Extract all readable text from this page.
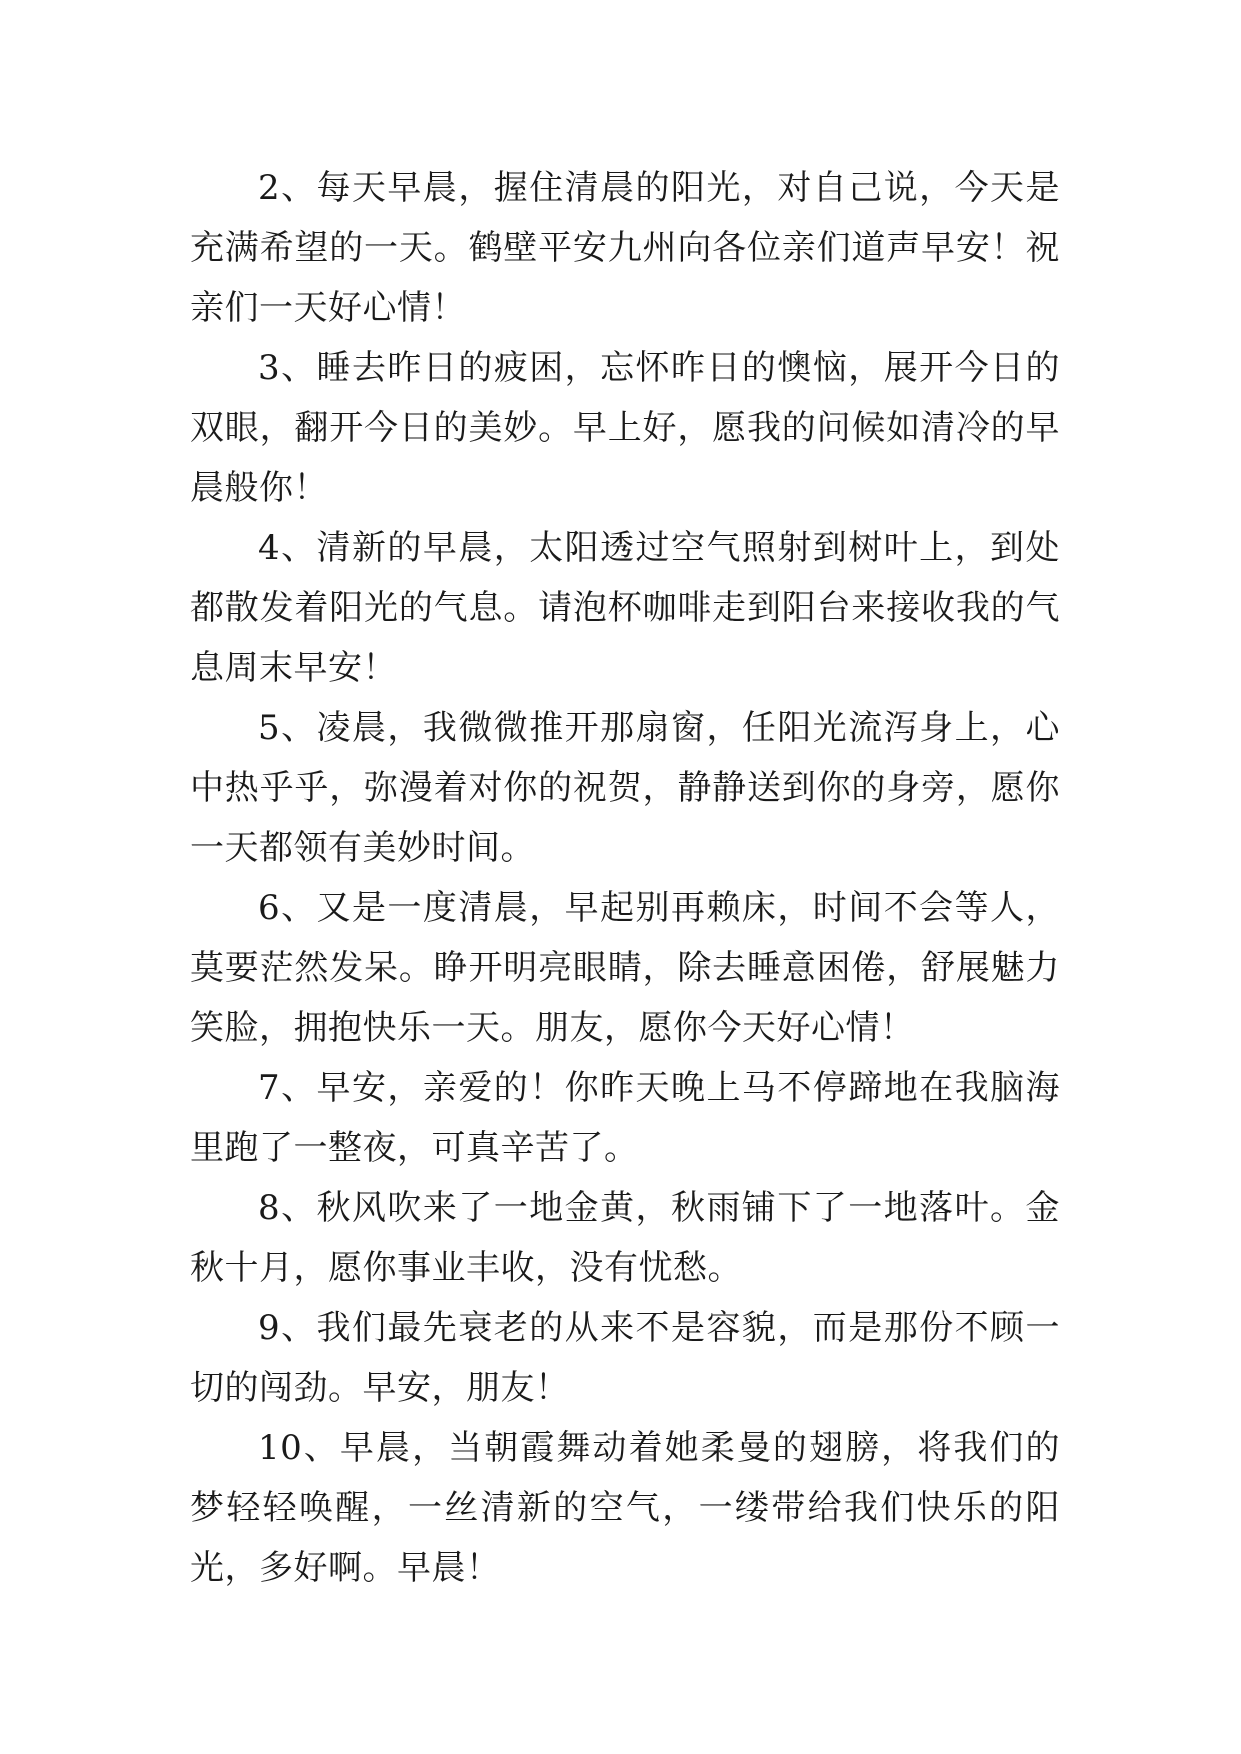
2、每天早晨，握住清晨的阳光，对自己说，今天是充满希望的一天。鹤壁平安九州向各位亲们道声早安！祝亲们一天好心情！

3、睡去昨日的疲困，忘怀昨日的懊恼，展开今日的双眼，翻开今日的美妙。早上好，愿我的问候如清冷的早晨般你！

4、清新的早晨，太阳透过空气照射到树叶上，到处都散发着阳光的气息。请泡杯咖啡走到阳台来接收我的气息周末早安！

5、凌晨，我微微推开那扇窗，任阳光流泻身上，心中热乎乎，弥漫着对你的祝贺，静静送到你的身旁，愿你一天都领有美妙时间。

6、又是一度清晨，早起别再赖床，时间不会等人，莫要茫然发呆。睁开明亮眼睛，除去睡意困倦，舒展魅力笑脸，拥抱快乐一天。朋友，愿你今天好心情！

7、早安，亲爱的！你昨天晚上马不停蹄地在我脑海里跑了一整夜，可真辛苦了。

8、秋风吹来了一地金黄，秋雨铺下了一地落叶。金秋十月，愿你事业丰收，没有忧愁。

9、我们最先衰老的从来不是容貌，而是那份不顾一切的闯劲。早安，朋友！

10、早晨，当朝霞舞动着她柔曼的翅膀，将我们的梦轻轻唤醒，一丝清新的空气，一缕带给我们快乐的阳光，多好啊。早晨！
